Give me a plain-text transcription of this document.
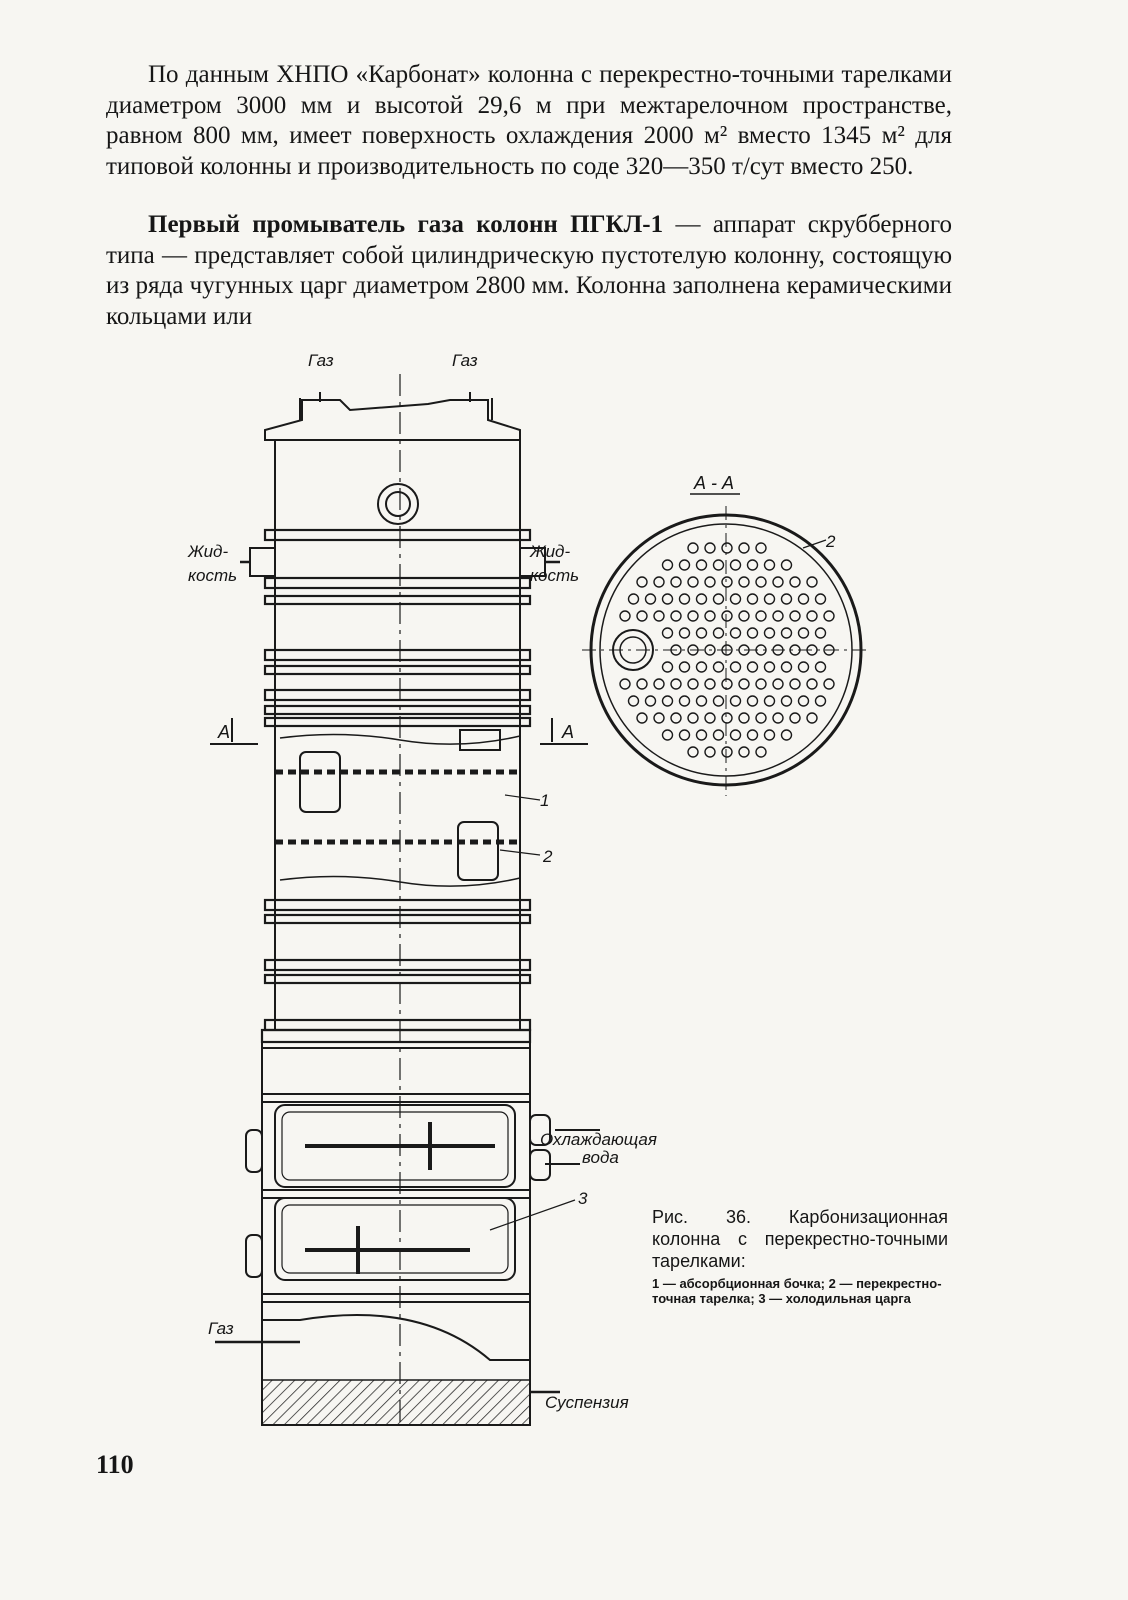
По данным ХНПО «Карбонат» колонна с перекрестно-точными тарелками диаметром 3000 мм и высотой 29,6 м при межтарелочном пространстве, равном 800 мм, имеет поверхность охлаждения 2000 м² вместо 1345 м² для типовой колонны и производительность по соде 320—350 т/сут вместо 250.

Первый промыватель газа колонн ПГКЛ-1 — аппарат скрубберного типа — представляет собой цилиндрическую пустотелую колонну, состоящую из ряда чугунных царг диаметром 2800 мм. Колонна заполнена керамическими кольцами или

Газ	Газ
Жид-
кость
Жид-
кость
А	А
А - А
1
2
2
3
Охлаждающая
вода
Газ
Суспензия

Рис. 36. Карбонизационная колонна с перекрестно-точными тарелками:

1 — абсорбционная бочка; 2 — перекрестно-точная тарелка; 3 — холодильная царга

110
